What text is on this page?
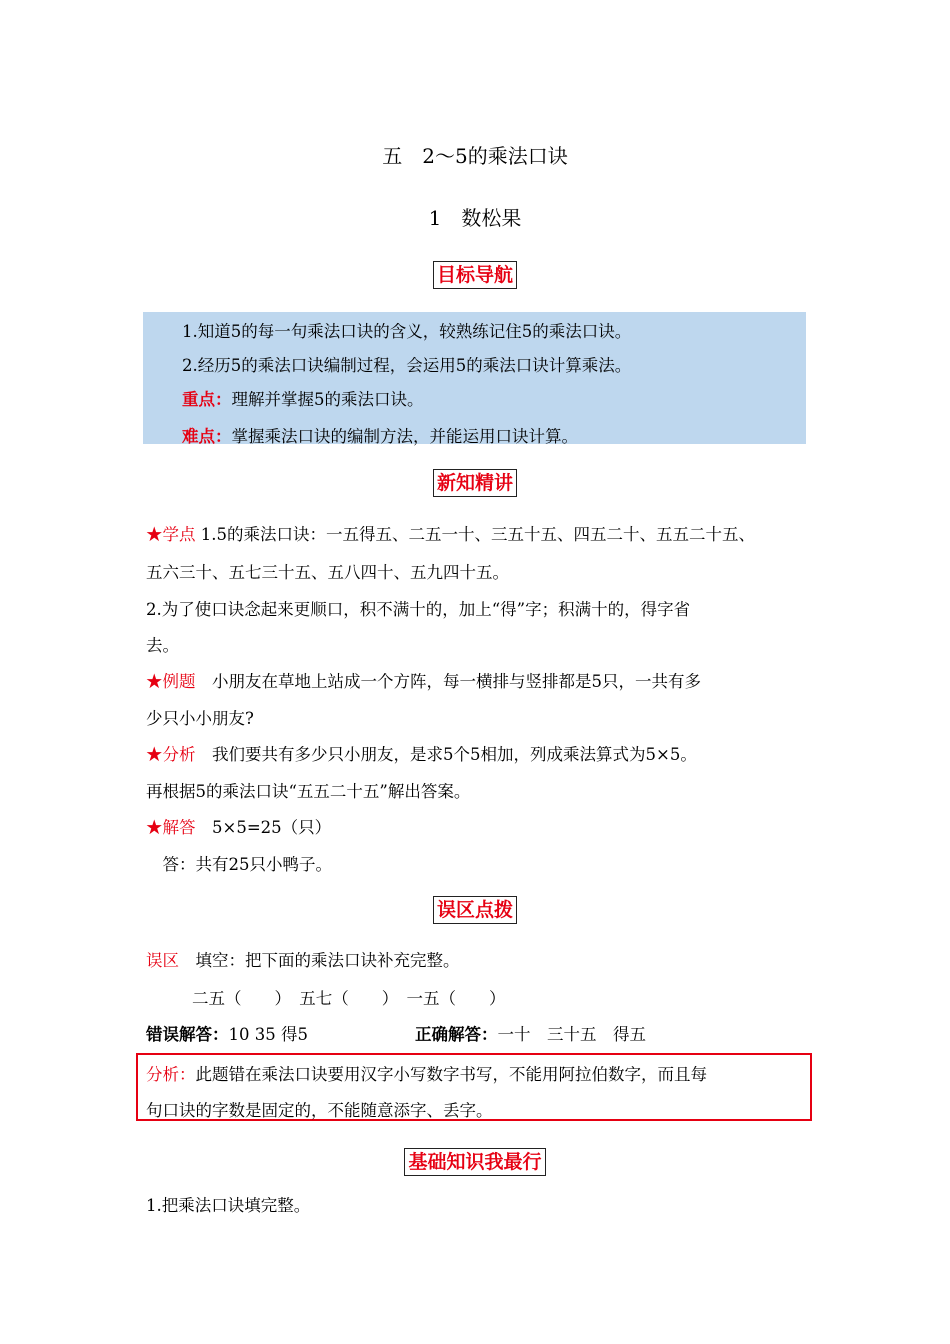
五　2～5的乘法口诀
1　数松果
目标导航
1.知道5的每一句乘法口诀的含义，较熟练记住5的乘法口诀。
2.经历5的乘法口诀编制过程，会运用5的乘法口诀计算乘法。
重点：理解并掌握5的乘法口诀。
难点：掌握乘法口诀的编制方法，并能运用口诀计算。
新知精讲
★学点 1.5的乘法口诀：一五得五、二五一十、三五十五、四五二十、五五二十五、
五六三十、五七三十五、五八四十、五九四十五。
2.为了使口诀念起来更顺口，积不满十的，加上“得”字；积满十的，得字省
去。
★例题　小朋友在草地上站成一个方阵，每一横排与竖排都是5只，一共有多
少只小小朋友?
★分析　我们要共有多少只小朋友，是求5个5相加，列成乘法算式为5×5。
再根据5的乘法口诀“五五二十五”解出答案。
★解答　5×5=25（只）
　答：共有25只小鸭子。
误区点拨
误区　填空：把下面的乘法口诀补充完整。
二五（　　）　五七（　　）　一五（　　）
错误解答：10 35 得5	正确解答：一十　三十五　得五
分析：此题错在乘法口诀要用汉字小写数字书写，不能用阿拉伯数字，而且每
句口诀的字数是固定的，不能随意添字、丢字。
基础知识我最行
1.把乘法口诀填完整。
